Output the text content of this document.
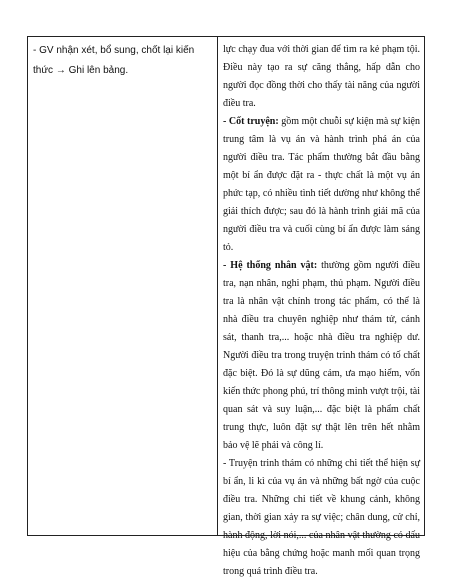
- GV nhận xét, bổ sung, chốt lại kiến thức → Ghi lên bảng.

lực chạy đua với thời gian để tìm ra kẻ phạm tội. Điều này tạo ra sự căng thẳng, hấp dẫn cho người đọc đồng thời cho thấy tài năng của người điều tra.

- Cốt truyện: gồm một chuỗi sự kiện mà sự kiện trung tâm là vụ án và hành trình phá án của người điều tra. Tác phẩm thường bắt đầu bằng một bí ẩn được đặt ra - thực chất là một vụ án phức tạp, có nhiều tình tiết dường như không thể giải thích được; sau đó là hành trình giải mã của người điều tra và cuối cùng bí ẩn được làm sáng tỏ.

- Hệ thống nhân vật: thường gồm người điều tra, nạn nhân, nghi phạm, thủ phạm. Người điều tra là nhân vật chính trong tác phẩm, có thể là nhà điều tra chuyên nghiệp như thám tử, cảnh sát, thanh tra,... hoặc nhà điều tra nghiệp dư. Người điều tra trong truyện trinh thám có tố chất đặc biệt. Đó là sự dũng cảm, ưa mạo hiểm, vốn kiến thức phong phú, trí thông minh vượt trội, tài quan sát và suy luận,... đặc biệt là phẩm chất trung thực, luôn đặt sự thật lên trên hết nhằm bảo vệ lẽ phải và công lí.

- Truyện trinh thám có những chi tiết thể hiện sự bí ẩn, li kì của vụ án và những bất ngờ của cuộc điều tra. Những chi tiết về khung cảnh, không gian, thời gian xảy ra sự việc; chân dung, cử chỉ, hành động, lời nói,... của nhân vật thường có dấu hiệu của bằng chứng hoặc manh mối quan trọng trong quá trình điều tra.
